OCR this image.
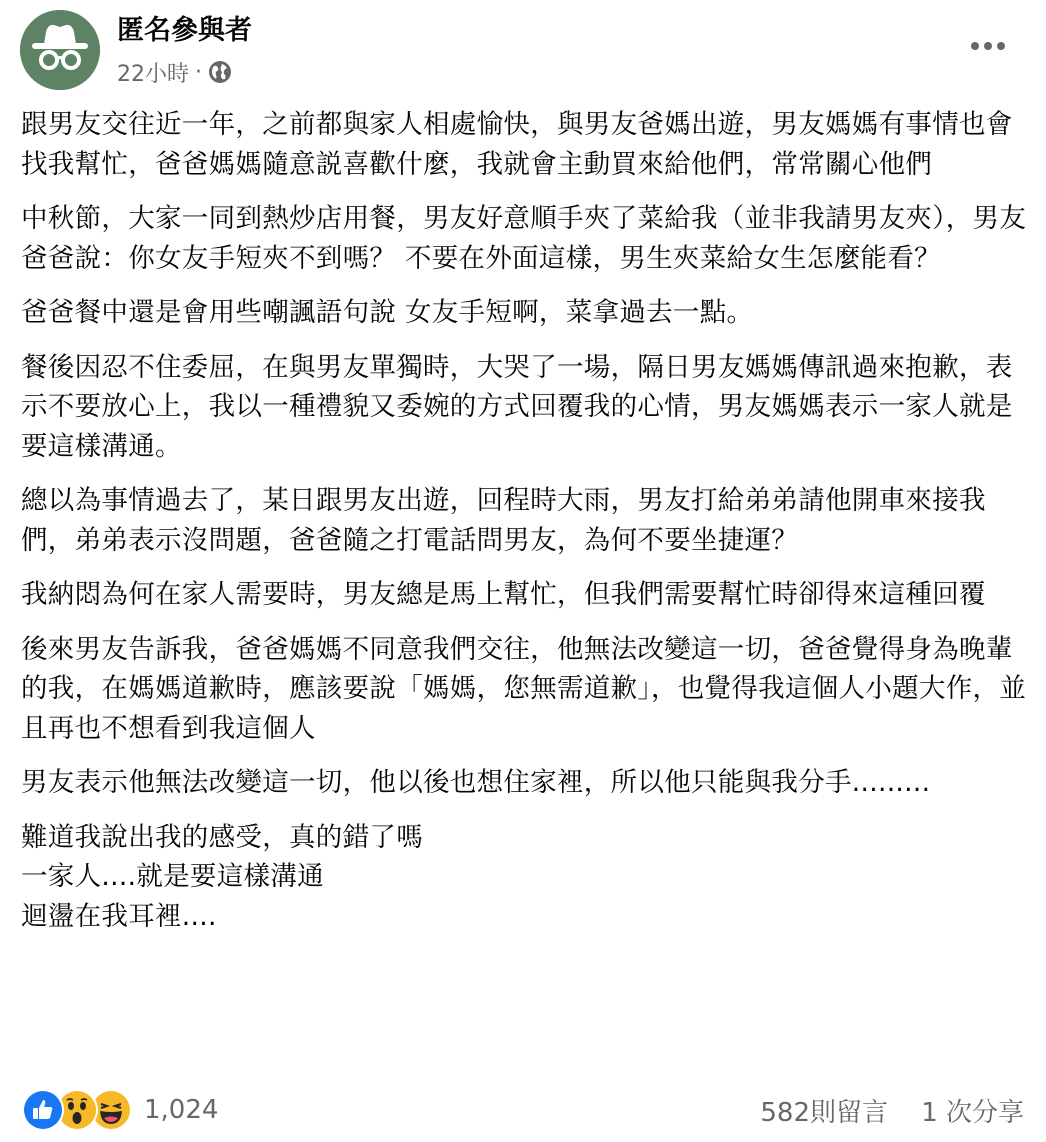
匿名參與者
22小時 ·

跟男友交往近一年，之前都與家人相處愉快，與男友爸媽出遊，男友媽媽有事情也會找我幫忙，爸爸媽媽隨意説喜歡什麼，我就會主動買來給他們，常常關心他們

中秋節，大家一同到熱炒店用餐，男友好意順手夾了菜給我（並非我請男友夾），男友爸爸說：你女友手短夾不到嗎？ 不要在外面這樣，男生夾菜給女生怎麼能看？

爸爸餐中還是會用些嘲諷語句說 女友手短啊，菜拿過去一點。

餐後因忍不住委屈，在與男友單獨時，大哭了一場，隔日男友媽媽傳訊過來抱歉，表示不要放心上，我以一種禮貌又委婉的方式回覆我的心情，男友媽媽表示一家人就是要這樣溝通。

總以為事情過去了，某日跟男友出遊，回程時大雨，男友打給弟弟請他開車來接我們，弟弟表示沒問題，爸爸隨之打電話問男友，為何不要坐捷運？

我納悶為何在家人需要時，男友總是馬上幫忙，但我們需要幫忙時卻得來這種回覆

後來男友告訴我，爸爸媽媽不同意我們交往，他無法改變這一切，爸爸覺得身為晚輩的我，在媽媽道歉時，應該要說「媽媽，您無需道歉」，也覺得我這個人小題大作，並且再也不想看到我這個人

男友表示他無法改變這一切，他以後也想住家裡，所以他只能與我分手.........

難道我說出我的感受，真的錯了嗎
一家人....就是要這樣溝通
迴盪在我耳裡....

1,024	582則留言 1 次分享
